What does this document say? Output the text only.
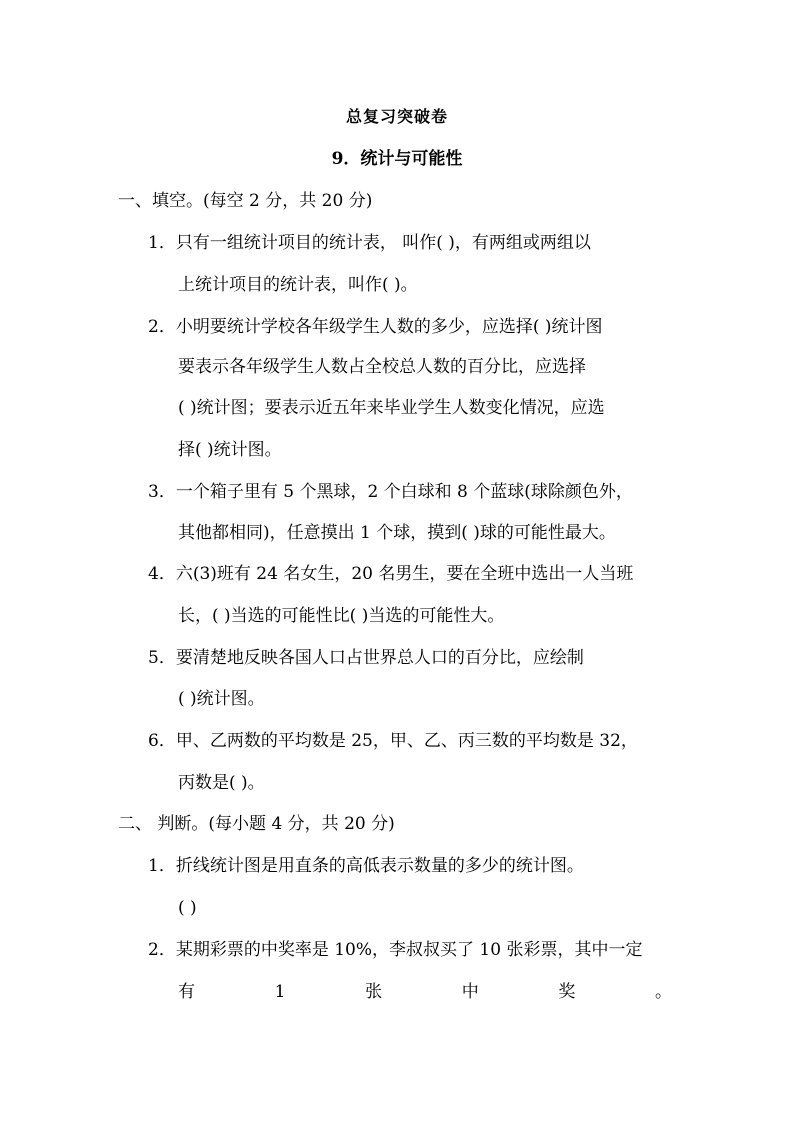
总复习突破卷
9．统计与可能性
一、填空。(每空 2 分，共 20 分)
1．只有一组统计项目的统计表， 叫作( )，有两组或两组以
上统计项目的统计表，叫作( )。
2．小明要统计学校各年级学生人数的多少，应选择( )统计图
要表示各年级学生人数占全校总人数的百分比，应选择
( )统计图；要表示近五年来毕业学生人数变化情况，应选
择( )统计图。
3．一个箱子里有 5 个黑球，2 个白球和 8 个蓝球(球除颜色外，
其他都相同)，任意摸出 1 个球，摸到( )球的可能性最大。
4．六(3)班有 24 名女生，20 名男生，要在全班中选出一人当班
长，( )当选的可能性比( )当选的可能性大。
5．要清楚地反映各国人口占世界总人口的百分比，应绘制
( )统计图。
6．甲、乙两数的平均数是 25，甲、乙、丙三数的平均数是 32，
丙数是( )。
二、 判断。(每小题 4 分，共 20 分)
1．折线统计图是用直条的高低表示数量的多少的统计图。
( )
2．某期彩票的中奖率是 10%，李叔叔买了 10 张彩票，其中一定
有	1	张	中	奖	。
